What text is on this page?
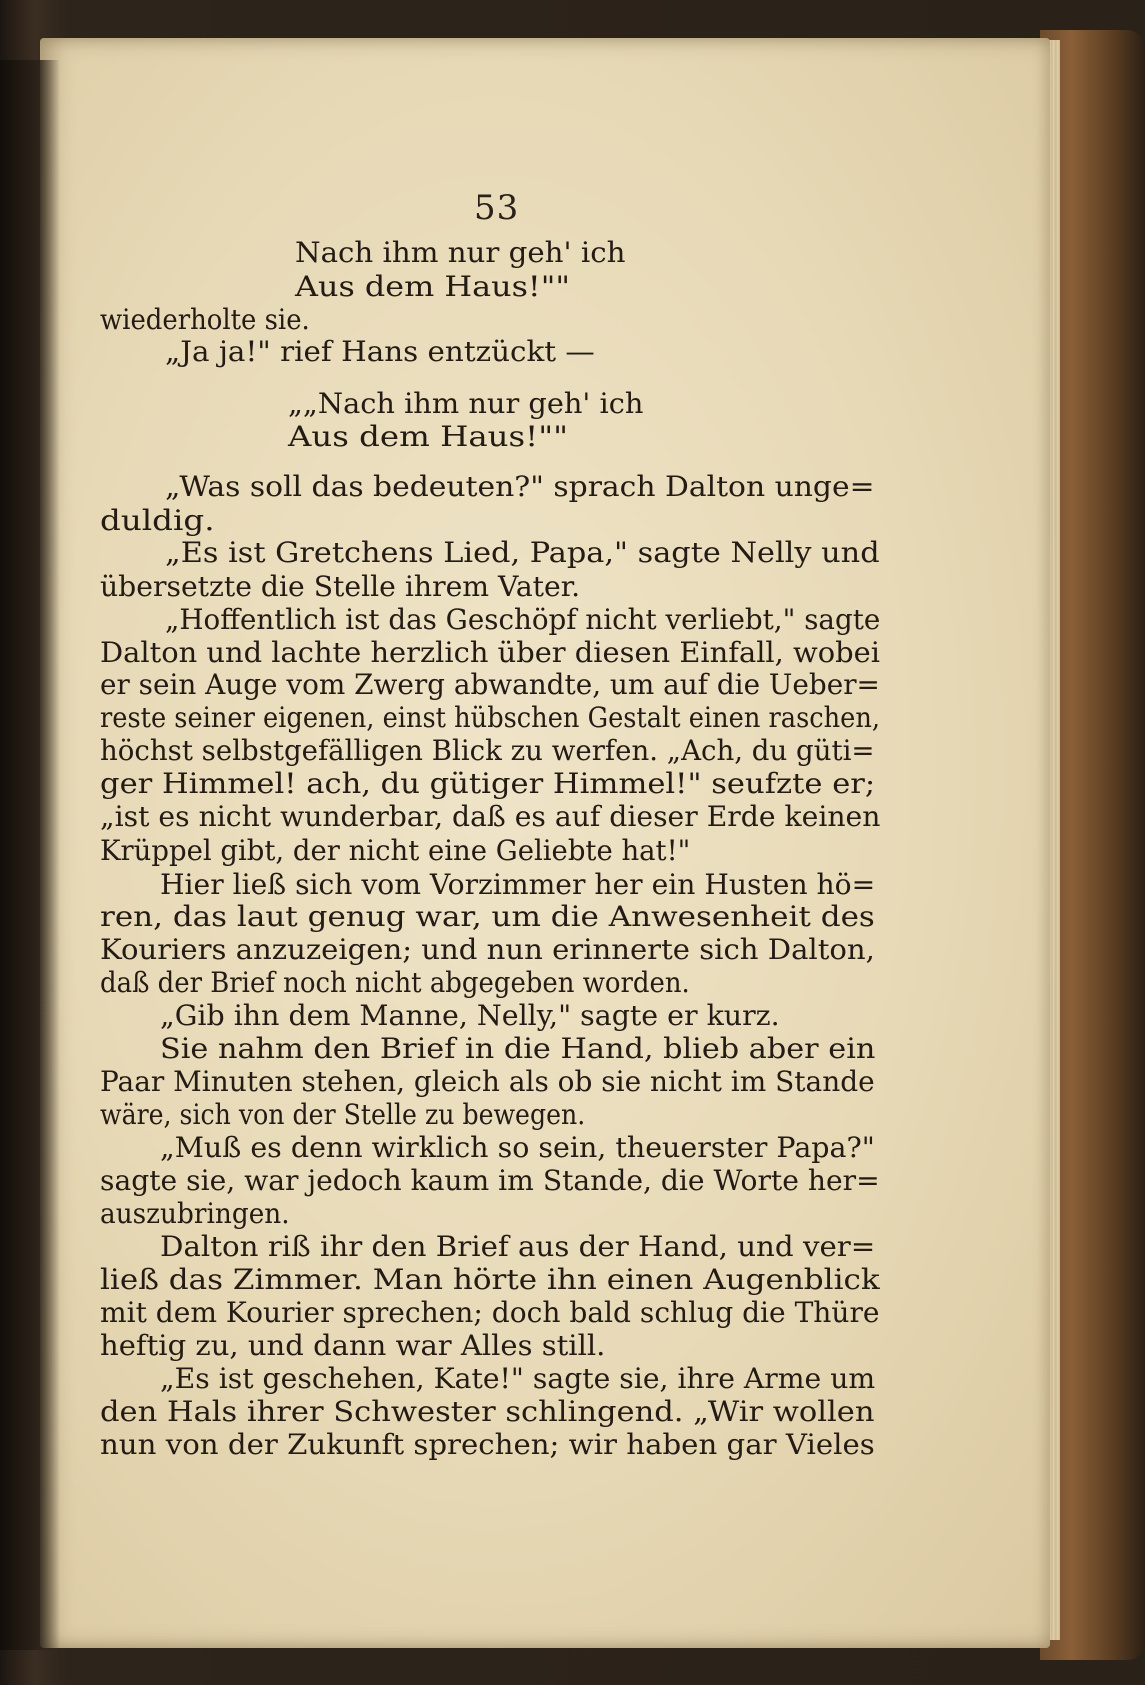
53
Nach ihm nur geh' ich
Aus dem Haus!""
wiederholte sie.
„Ja ja!" rief Hans entzückt —
„„Nach ihm nur geh' ich
Aus dem Haus!""
„Was soll das bedeuten?" sprach Dalton unge=
duldig.
„Es ist Gretchens Lied, Papa," sagte Nelly und
übersetzte die Stelle ihrem Vater.
„Hoffentlich ist das Geschöpf nicht verliebt," sagte
Dalton und lachte herzlich über diesen Einfall, wobei
er sein Auge vom Zwerg abwandte, um auf die Ueber=
reste seiner eigenen, einst hübschen Gestalt einen raschen,
höchst selbstgefälligen Blick zu werfen. „Ach, du güti=
ger Himmel! ach, du gütiger Himmel!" seufzte er;
„ist es nicht wunderbar, daß es auf dieser Erde keinen
Krüppel gibt, der nicht eine Geliebte hat!"
Hier ließ sich vom Vorzimmer her ein Husten hö=
ren, das laut genug war, um die Anwesenheit des
Kouriers anzuzeigen; und nun erinnerte sich Dalton,
daß der Brief noch nicht abgegeben worden.
„Gib ihn dem Manne, Nelly," sagte er kurz.
Sie nahm den Brief in die Hand, blieb aber ein
Paar Minuten stehen, gleich als ob sie nicht im Stande
wäre, sich von der Stelle zu bewegen.
„Muß es denn wirklich so sein, theuerster Papa?"
sagte sie, war jedoch kaum im Stande, die Worte her=
auszubringen.
Dalton riß ihr den Brief aus der Hand, und ver=
ließ das Zimmer. Man hörte ihn einen Augenblick
mit dem Kourier sprechen; doch bald schlug die Thüre
heftig zu, und dann war Alles still.
„Es ist geschehen, Kate!" sagte sie, ihre Arme um
den Hals ihrer Schwester schlingend. „Wir wollen
nun von der Zukunft sprechen; wir haben gar Vieles
